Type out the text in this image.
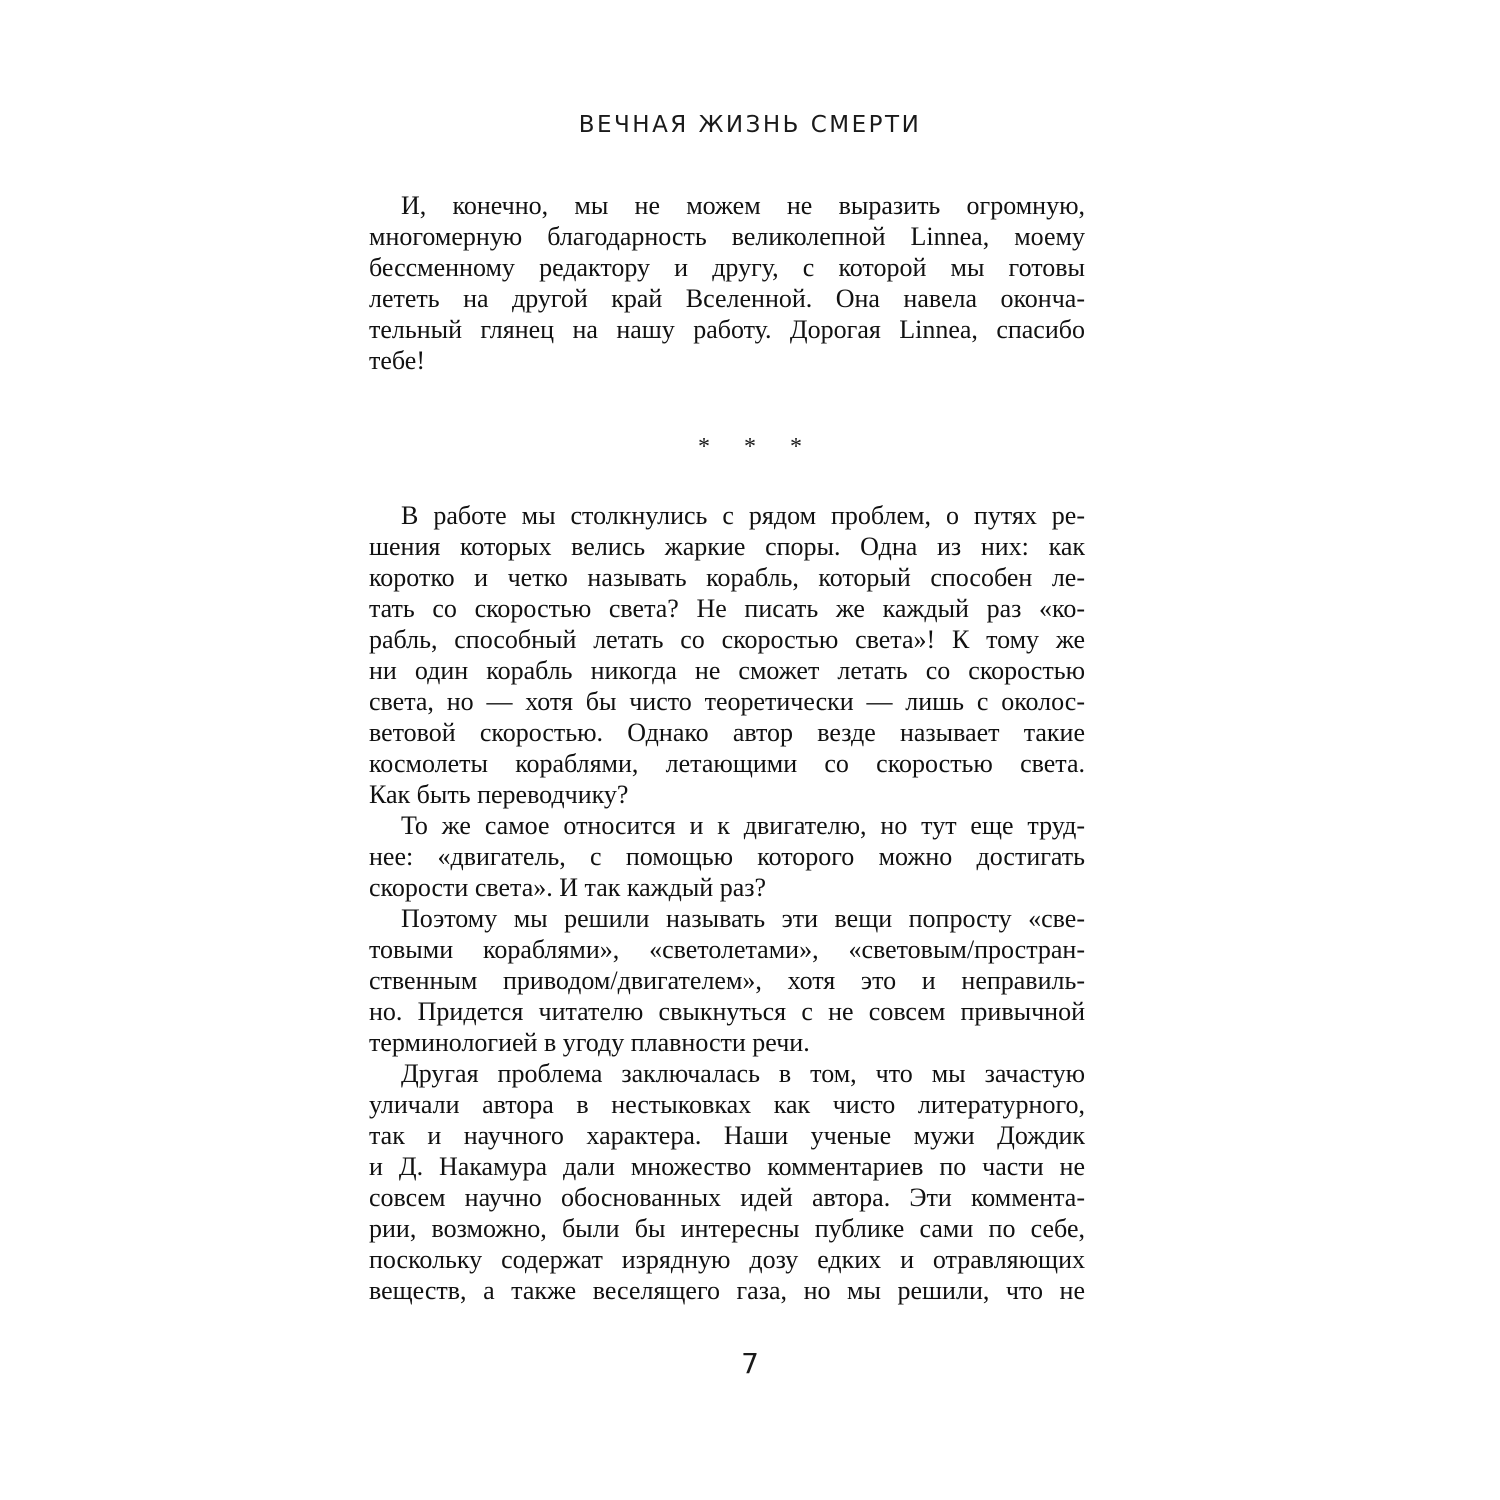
ВЕЧНАЯ ЖИЗНЬ СМЕРТИ
И, конечно, мы не можем не выразить огромную,
многомерную благодарность великолепной Linnea, моему
бессменному редактору и другу, с которой мы готовы
лететь на другой край Вселенной. Она навела оконча-
тельный глянец на нашу работу. Дорогая Linnea, спасибо
тебе!
* * *
В работе мы столкнулись с рядом проблем, о путях ре-
шения которых велись жаркие споры. Одна из них: как
коротко и четко называть корабль, который способен ле-
тать со скоростью света? Не писать же каждый раз «ко-
рабль, способный летать со скоростью света»! К тому же
ни один корабль никогда не сможет летать со скоростью
света, но — хотя бы чисто теоретически — лишь с околос-
ветовой скоростью. Однако автор везде называет такие
космолеты кораблями, летающими со скоростью света.
Как быть переводчику?
То же самое относится и к двигателю, но тут еще труд-
нее: «двигатель, с помощью которого можно достигать
скорости света». И так каждый раз?
Поэтому мы решили называть эти вещи попросту «све-
товыми кораблями», «светолетами», «световым/простран-
ственным приводом/двигателем», хотя это и неправиль-
но. Придется читателю свыкнуться с не совсем привычной
терминологией в угоду плавности речи.
Другая проблема заключалась в том, что мы зачастую
уличали автора в нестыковках как чисто литературного,
так и научного характера. Наши ученые мужи Дождик
и Д. Накамура дали множество комментариев по части не
совсем научно обоснованных идей автора. Эти коммента-
рии, возможно, были бы интересны публике сами по себе,
поскольку содержат изрядную дозу едких и отравляющих
веществ, а также веселящего газа, но мы решили, что не
7
